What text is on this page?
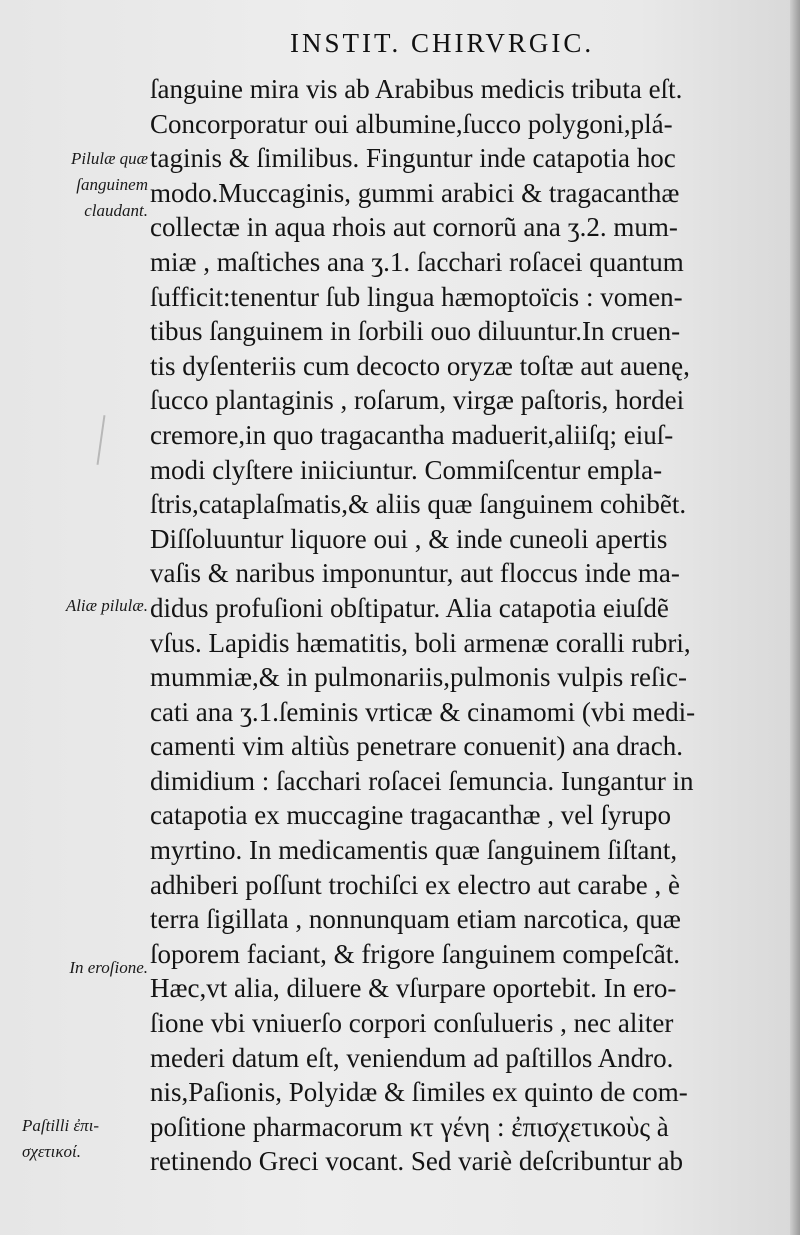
INSTIT. CHIRVRGIC.
ſanguine mira vis ab Arabibus medicis tributa eſt.
Concorporatur oui albumine,ſucco polygoni,plá-
taginis & ſimilibus. Finguntur inde catapotia hoc
modo.Muccaginis, gummi arabici & tragacanthæ
collectæ in aqua rhois aut cornorũ ana ʒ.2. mum-
miæ , maſtiches ana ʒ.1. ſacchari roſacei quantum
ſufficit:tenentur ſub lingua hæmoptoïcis : vomen-
tibus ſanguinem in ſorbili ouo diluuntur.In cruen-
tis dyſenteriis cum decocto oryzæ toſtæ aut auenę,
ſucco plantaginis , roſarum, virgæ paſtoris, hordei
cremore,in quo tragacantha maduerit,aliiſq; eiuſ-
modi clyſtere iniiciuntur. Commiſcentur empla-
ſtris,cataplaſmatis,& aliis quæ ſanguinem cohibẽt.
Diſſoluuntur liquore oui , & inde cuneoli apertis
vaſis & naribus imponuntur, aut floccus inde ma-
didus profuſioni obſtipatur. Alia catapotia eiuſdẽ
vſus. Lapidis hæmatitis, boli armenæ coralli rubri,
mummiæ,& in pulmonariis,pulmonis vulpis reſic-
cati ana ʒ.1.ſeminis vrticæ & cinamomi (vbi medi-
camenti vim altiùs penetrare conuenit) ana drach.
dimidium : ſacchari roſacei ſemuncia. Iungantur in
catapotia ex muccagine tragacanthæ , vel ſyrupo
myrtino. In medicamentis quæ ſanguinem ſiſtant,
adhiberi poſſunt trochiſci ex electro aut carabe , è
terra ſigillata , nonnunquam etiam narcotica, quæ
ſoporem faciant, & frigore ſanguinem compeſcãt.
Hæc,vt alia, diluere & vſurpare oportebit. In ero-
ſione vbi vniuerſo corpori conſulueris , nec aliter
mederi datum eſt, veniendum ad paſtillos Andro.
nis,Paſionis, Polyidæ & ſimiles ex quinto de com-
poſitione pharmacorum κτ γένη : ἐπισχετικοὺς à
retinendo Greci vocant. Sed variè deſcribuntur ab
Pilulæ quæ
ſanguinem
claudant.
Aliæ pilulæ.
In eroſione.
Paſtilli ἐπι-
σχετικοί.
